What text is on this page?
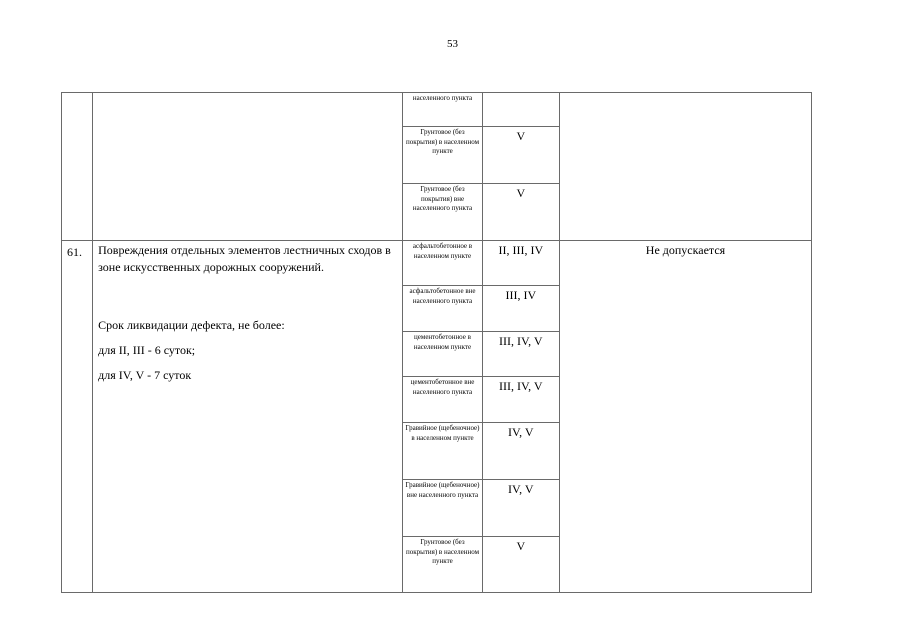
53
		населенного пункта		
		Грунтовое (без покрытия) в населенном пункте	V	
		Грунтовое (без покрытия) вне населенного пункта	V	
61.	Повреждения отдельных элементов лестничных сходов в зоне искусственных дорожных сооружений.

Срок ликвидации дефекта, не более:

для II, III - 6 суток;

для IV, V - 7 суток	асфальтобетонное в населенном пункте	II, III, IV	Не допускается
		асфальтобетонное вне населенного пункта	III, IV	
		цементобетонное в населенном пункте	III, IV, V	
		цементобетонное вне населенного пункта	III, IV, V	
		Гравийное (щебеночное) в населенном пункте	IV, V	
		Гравийное (щебеночное) вне населенного пункта	IV, V	
		Грунтовое (без покрытия) в населенном пункте	V	
